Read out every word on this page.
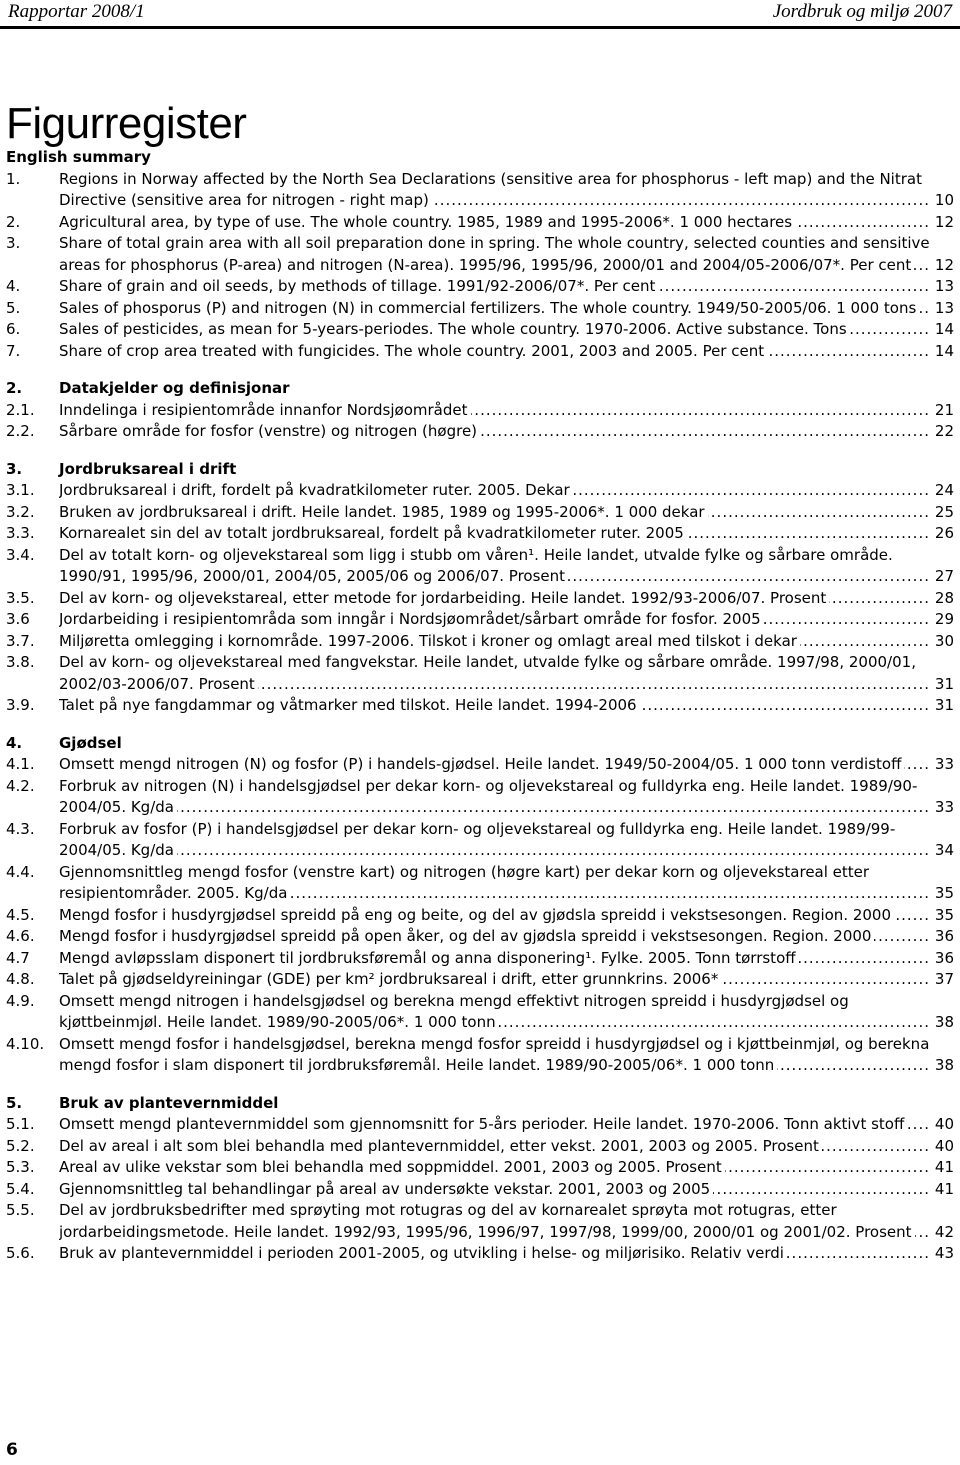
Rapportar 2008/1	Jordbruk og miljø 2007
Figurregister
English summary
1.	Regions in Norway affected by the North Sea Declarations (sensitive area for phosphorus - left map) and the Nitrat Directive (sensitive area for nitrogen - right map) .....	10
2.	Agricultural area, by type of use. The whole country. 1985, 1989 and 1995-2006*. 1 000 hectares .....	12
3.	Share of total grain area with all soil preparation done in spring. The whole country, selected counties and sensitive areas for phosphorus (P-area) and nitrogen (N-area). 1995/96, 1995/96, 2000/01 and 2004/05-2006/07*. Per cent .....	12
4.	Share of grain and oil seeds, by methods of tillage. 1991/92-2006/07*. Per cent .....	13
5.	Sales of phosporus (P) and nitrogen (N) in commercial fertilizers. The whole country. 1949/50-2005/06. 1 000 tons .....	13
6.	Sales of pesticides, as mean for 5-years-periodes. The whole country. 1970-2006. Active substance. Tons .....	14
7.	Share of crop area treated with fungicides. The whole country. 2001, 2003 and 2005. Per cent .....	14
2.	Datakjelder og definisjonar
2.1.	Inndelinga i resipientområde innanfor Nordsjøområdet .....	21
2.2.	Sårbare område for fosfor (venstre) og nitrogen (høgre) .....	22
3.	Jordbruksareal i drift
3.1.	Jordbruksareal i drift, fordelt på kvadratkilometer ruter. 2005. Dekar .....	24
3.2.	Bruken av jordbruksareal i drift. Heile landet. 1985, 1989 og 1995-2006*. 1 000 dekar .....	25
3.3.	Kornarealet sin del av totalt jordbruksareal, fordelt på kvadratkilometer ruter. 2005 .....	26
3.4.	Del av totalt korn- og oljevekstareal som ligg i stubb om våren¹. Heile landet, utvalde fylke og sårbare område. 1990/91, 1995/96, 2000/01, 2004/05, 2005/06 og 2006/07. Prosent .....	27
3.5.	Del av korn- og oljevekstareal, etter metode for jordarbeiding. Heile landet. 1992/93-2006/07. Prosent .....	28
3.6	Jordarbeiding i resipientområda som inngår i Nordsjøområdet/sårbart område for fosfor. 2005 .....	29
3.7.	Miljøretta omlegging i kornområde. 1997-2006. Tilskot i kroner og omlagt areal med tilskot i dekar .....	30
3.8.	Del av korn- og oljevekstareal med fangvekstar. Heile landet, utvalde fylke og sårbare område. 1997/98, 2000/01, 2002/03-2006/07. Prosent .....	31
3.9.	Talet på nye fangdammar og våtmarker med tilskot. Heile landet. 1994-2006 .....	31
4.	Gjødsel
4.1.	Omsett mengd nitrogen (N) og fosfor (P) i handels-gjødsel. Heile landet. 1949/50-2004/05. 1 000 tonn verdistoff .....	33
4.2.	Forbruk av nitrogen (N) i handelsgjødsel per dekar korn- og oljevekstareal og fulldyrka eng. Heile landet. 1989/90-2004/05. Kg/da .....	33
4.3.	Forbruk av fosfor (P) i handelsgjødsel per dekar korn- og oljevekstareal og fulldyrka eng. Heile landet. 1989/99-2004/05. Kg/da .....	34
4.4.	Gjennomsnittleg mengd fosfor (venstre kart) og nitrogen (høgre kart) per dekar korn og oljevekstareal etter resipientområder. 2005. Kg/da .....	35
4.5.	Mengd fosfor i husdyrgjødsel spreidd på eng og beite, og del av gjødsla spreidd i vekstsesongen. Region. 2000 .....	35
4.6.	Mengd fosfor i husdyrgjødsel spreidd på open åker, og del av gjødsla spreidd i vekstsesongen. Region. 2000 .....	36
4.7	Mengd avløpsslam disponert til jordbruksføremål og anna disponering¹. Fylke. 2005. Tonn tørrstoff .....	36
4.8.	Talet på gjødseldyreiningar (GDE) per km² jordbruksareal i drift, etter grunnkrins. 2006* .....	37
4.9.	Omsett mengd nitrogen i handelsgjødsel og berekna mengd effektivt nitrogen spreidd i husdyrgjødsel og kjøttbeinmjøl. Heile landet. 1989/90-2005/06*. 1 000 tonn .....	38
4.10. Omsett mengd fosfor i handelsgjødsel, berekna mengd fosfor spreidd i husdyrgjødsel og i kjøttbeinmjøl, og berekna mengd fosfor i slam disponert til jordbruksføremål. Heile landet. 1989/90-2005/06*. 1 000 tonn .....	38
5.	Bruk av plantevernmiddel
5.1.	Omsett mengd plantevernmiddel som gjennomsnitt for 5-års perioder. Heile landet. 1970-2006. Tonn aktivt stoff .....	40
5.2.	Del av areal i alt som blei behandla med plantevernmiddel, etter vekst. 2001, 2003 og 2005. Prosent .....	40
5.3.	Areal av ulike vekstar som blei behandla med soppmiddel. 2001, 2003 og 2005. Prosent .....	41
5.4.	Gjennomsnittleg tal behandlingar på areal av undersøkte vekstar. 2001, 2003 og 2005 .....	41
5.5.	Del av jordbruksbedrifter med sprøyting mot rotugras og del av kornarealet sprøyta mot rotugras, etter jordarbeidingsmetode. Heile landet. 1992/93, 1995/96, 1996/97, 1997/98, 1999/00, 2000/01 og 2001/02. Prosent .....	42
5.6.	Bruk av plantevernmiddel i perioden 2001-2005, og utvikling i helse- og miljørisiko. Relativ verdi .....	43
6
